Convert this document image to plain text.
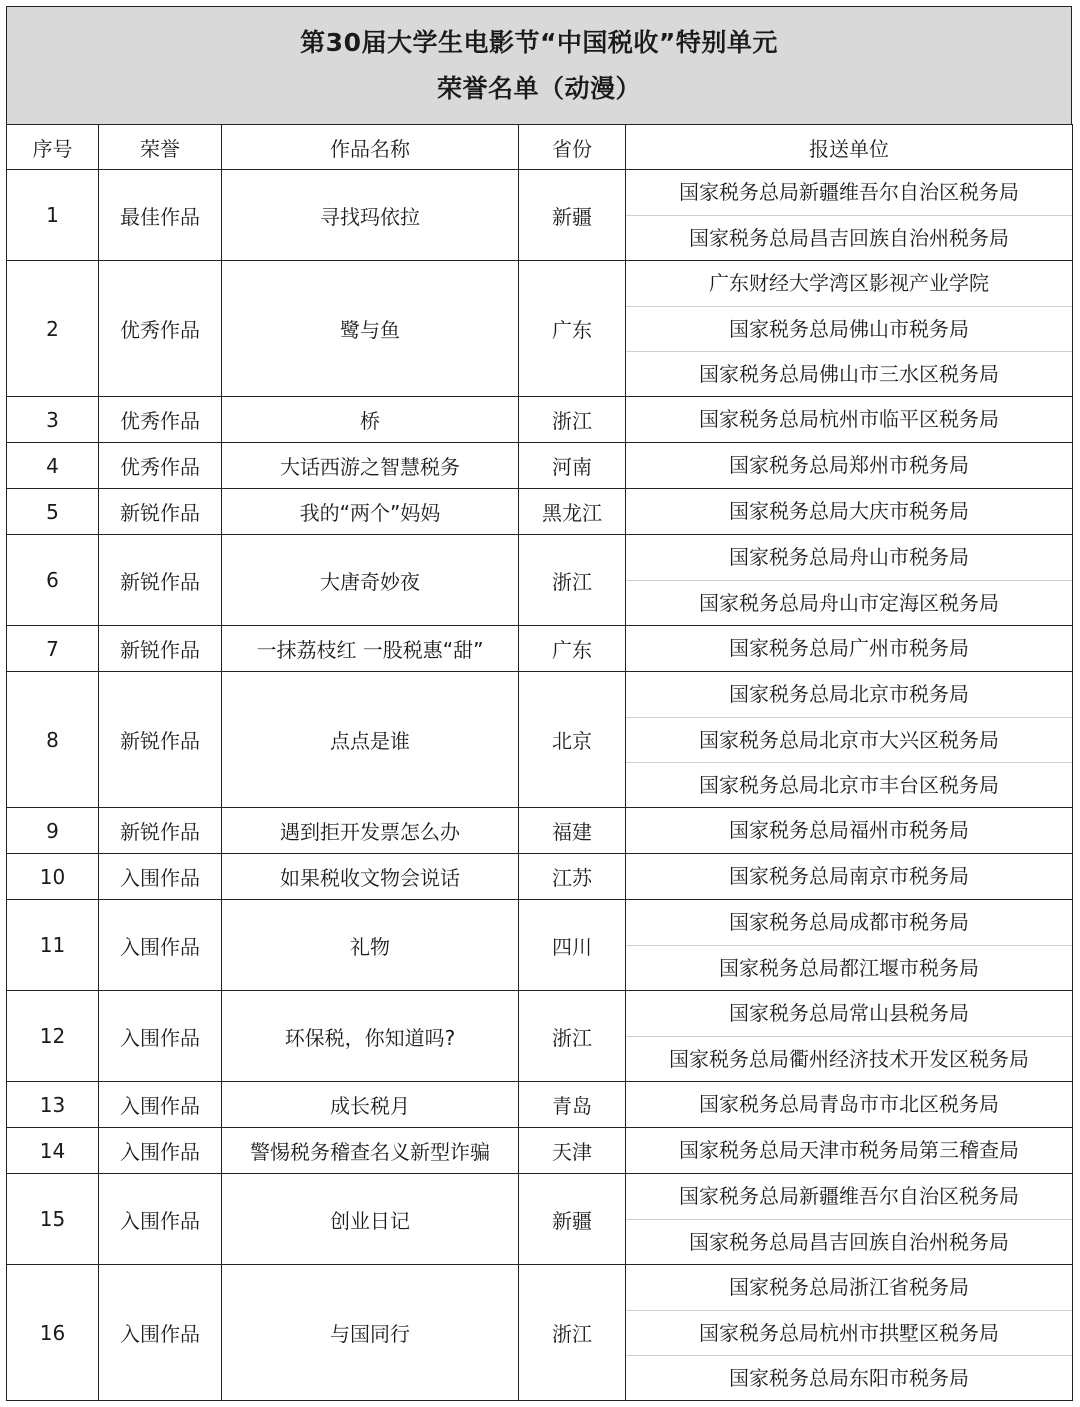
第30届大学生电影节“中国税收”特别单元
荣誉名单（动漫）
序号	荣誉	作品名称	省份	报送单位
1	最佳作品	寻找玛依拉	新疆	国家税务总局新疆维吾尔自治区税务局
国家税务总局昌吉回族自治州税务局

2	优秀作品	鹭与鱼	广东	广东财经大学湾区影视产业学院
国家税务总局佛山市税务局
国家税务总局佛山市三水区税务局

3	优秀作品	桥	浙江	国家税务总局杭州市临平区税务局

4	优秀作品	大话西游之智慧税务	河南	国家税务总局郑州市税务局

5	新锐作品	我的“两个”妈妈	黑龙江	国家税务总局大庆市税务局

6	新锐作品	大唐奇妙夜	浙江	国家税务总局舟山市税务局
国家税务总局舟山市定海区税务局

7	新锐作品	一抹荔枝红 一股税惠“甜”	广东	国家税务总局广州市税务局

8	新锐作品	点点是谁	北京	国家税务总局北京市税务局
国家税务总局北京市大兴区税务局
国家税务总局北京市丰台区税务局

9	新锐作品	遇到拒开发票怎么办	福建	国家税务总局福州市税务局

10	入围作品	如果税收文物会说话	江苏	国家税务总局南京市税务局

11	入围作品	礼物	四川	国家税务总局成都市税务局
国家税务总局都江堰市税务局

12	入围作品	环保税，你知道吗?	浙江	国家税务总局常山县税务局
国家税务总局衢州经济技术开发区税务局

13	入围作品	成长税月	青岛	国家税务总局青岛市市北区税务局

14	入围作品	警惕税务稽查名义新型诈骗	天津	国家税务总局天津市税务局第三稽查局

15	入围作品	创业日记	新疆	国家税务总局新疆维吾尔自治区税务局
国家税务总局昌吉回族自治州税务局

16	入围作品	与国同行	浙江	国家税务总局浙江省税务局
国家税务总局杭州市拱墅区税务局
国家税务总局东阳市税务局
